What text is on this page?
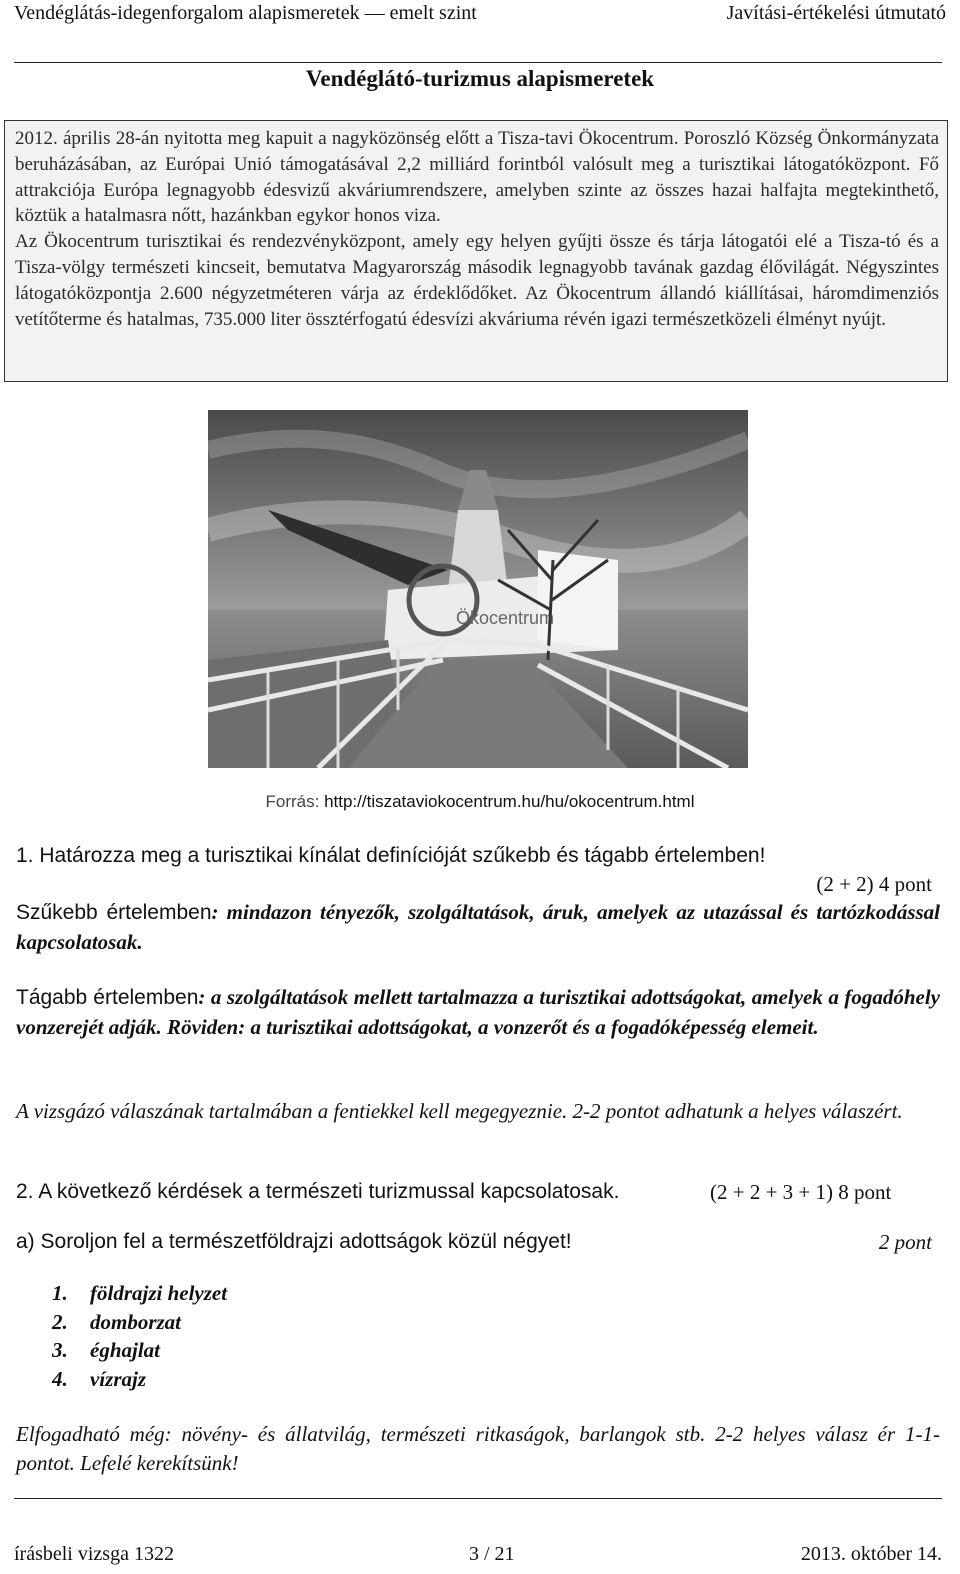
Vendéglátás-idegenforgalom alapismeretek — emelt szint	Javítási-értékelési útmutató
Vendéglátó-turizmus alapismeretek

2012. április 28-án nyitotta meg kapuit a nagyközönség előtt a Tisza-tavi Ökocentrum. Poroszló Község Önkormányzata beruházásában, az Európai Unió támogatásával 2,2 milliárd forintból valósult meg a turisztikai látogatóközpont. Fő attrakciója Európa legnagyobb édesvizű akváriumrendszere, amelyben szinte az összes hazai halfajta megtekinthető, köztük a hatalmasra nőtt, hazánkban egykor honos viza.

Az Ökocentrum turisztikai és rendezvényközpont, amely egy helyen gyűjti össze és tárja látogatói elé a Tisza-tó és a Tisza-völgy természeti kincseit, bemutatva Magyarország második legnagyobb tavának gazdag élővilágát. Négyszintes látogatóközpontja 2.600 négyzetméteren várja az érdeklődőket. Az Ökocentrum állandó kiállításai, háromdimenziós vetítőterme és hatalmas, 735.000 liter össztérfogatú édesvízi akváriuma révén igazi természetközeli élményt nyújt.

Ökocentrum
Forrás: http://tiszataviokocentrum.hu/hu/okocentrum.html
1. Határozza meg a turisztikai kínálat definícióját szűkebb és tágabb értelemben!
(2 + 2) 4 pont
Szűkebb értelemben: mindazon tényezők, szolgáltatások, áruk, amelyek az utazással és tartózkodással kapcsolatosak.
Tágabb értelemben: a szolgáltatások mellett tartalmazza a turisztikai adottságokat, amelyek a fogadóhely vonzerejét adják. Röviden: a turisztikai adottságokat, a vonzerőt és a fogadóképesség elemeit.
A vizsgázó válaszának tartalmában a fentiekkel kell megegyeznie. 2-2 pontot adhatunk a helyes válaszért.
2. A következő kérdések a természeti turizmussal kapcsolatosak.	(2 + 2 + 3 + 1) 8 pont
a) Soroljon fel a természetföldrajzi adottságok közül négyet!	2 pont
1. földrajzi helyzet
2. domborzat
3. éghajlat
4. vízrajz
Elfogadható még: növény- és állatvilág, természeti ritkaságok, barlangok stb. 2-2 helyes válasz ér 1-1- pontot. Lefelé kerekítsünk!
írásbeli vizsga 1322	3 / 21	2013. október 14.
